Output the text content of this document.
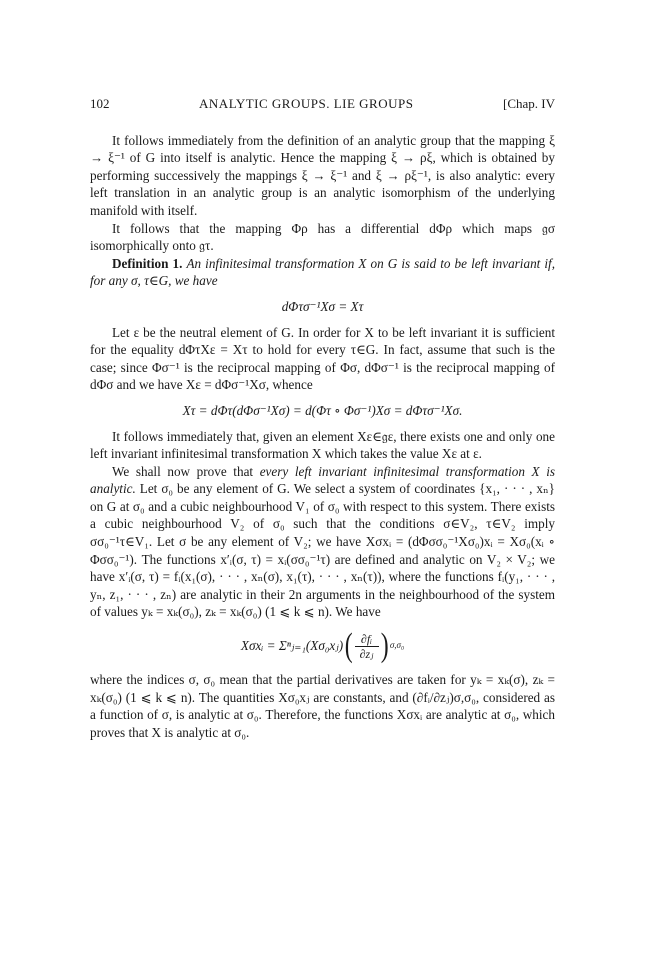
102	ANALYTIC GROUPS. LIE GROUPS	[Chap. IV

It follows immediately from the definition of an analytic group that the mapping ξ → ξ⁻¹ of G into itself is analytic. Hence the mapping ξ → ρξ, which is obtained by performing successively the mappings ξ → ξ⁻¹ and ξ → ρξ⁻¹, is also analytic: every left translation in an analytic group is an analytic isomorphism of the underlying manifold with itself.

It follows that the mapping Φρ has a differential dΦρ which maps 𝔤σ isomorphically onto 𝔤τ.

Definition 1. An infinitesimal transformation X on G is said to be left invariant if, for any σ, τ∈G, we have

dΦτσ⁻¹Xσ = Xτ

Let ε be the neutral element of G. In order for X to be left invariant it is sufficient for the equality dΦτXε = Xτ to hold for every τ∈G. In fact, assume that such is the case; since Φσ⁻¹ is the reciprocal mapping of Φσ, dΦσ⁻¹ is the reciprocal mapping of dΦσ and we have Xε = dΦσ⁻¹Xσ, whence

Xτ = dΦτ(dΦσ⁻¹Xσ) = d(Φτ ∘ Φσ⁻¹)Xσ = dΦτσ⁻¹Xσ.

It follows immediately that, given an element Xε∈𝔤ε, there exists one and only one left invariant infinitesimal transformation X which takes the value Xε at ε.

We shall now prove that every left invariant infinitesimal transformation X is analytic. Let σ₀ be any element of G. We select a system of coordinates {x₁, · · · , xₙ} on G at σ₀ and a cubic neighbourhood V₁ of σ₀ with respect to this system. There exists a cubic neighbourhood V₂ of σ₀ such that the conditions σ∈V₂, τ∈V₂ imply σσ₀⁻¹τ∈V₁. Let σ be any element of V₂; we have Xσxᵢ = (dΦσσ₀⁻¹Xσ₀)xᵢ = Xσ₀(xᵢ ∘ Φσσ₀⁻¹). The functions x′ᵢ(σ, τ) = xᵢ(σσ₀⁻¹τ) are defined and analytic on V₂ × V₂; we have x′ᵢ(σ, τ) = fᵢ(x₁(σ), · · · , xₙ(σ), x₁(τ), · · · , xₙ(τ)), where the functions fᵢ(y₁, · · · , yₙ, z₁, · · · , zₙ) are analytic in their 2n arguments in the neighbourhood of the system of values yₖ = xₖ(σ₀), zₖ = xₖ(σ₀) (1 ⩽ k ⩽ n). We have

Xσxᵢ = Σⁿⱼ₌₁(Xσ₀xⱼ) ( ∂fᵢ
∂zⱼ ) σ,σ₀

where the indices σ, σ₀ mean that the partial derivatives are taken for yₖ = xₖ(σ), zₖ = xₖ(σ₀) (1 ⩽ k ⩽ n). The quantities Xσ₀xⱼ are constants, and (∂fᵢ/∂zⱼ)σ,σ₀, considered as a function of σ, is analytic at σ₀. Therefore, the functions Xσxᵢ are analytic at σ₀, which proves that X is analytic at σ₀.
